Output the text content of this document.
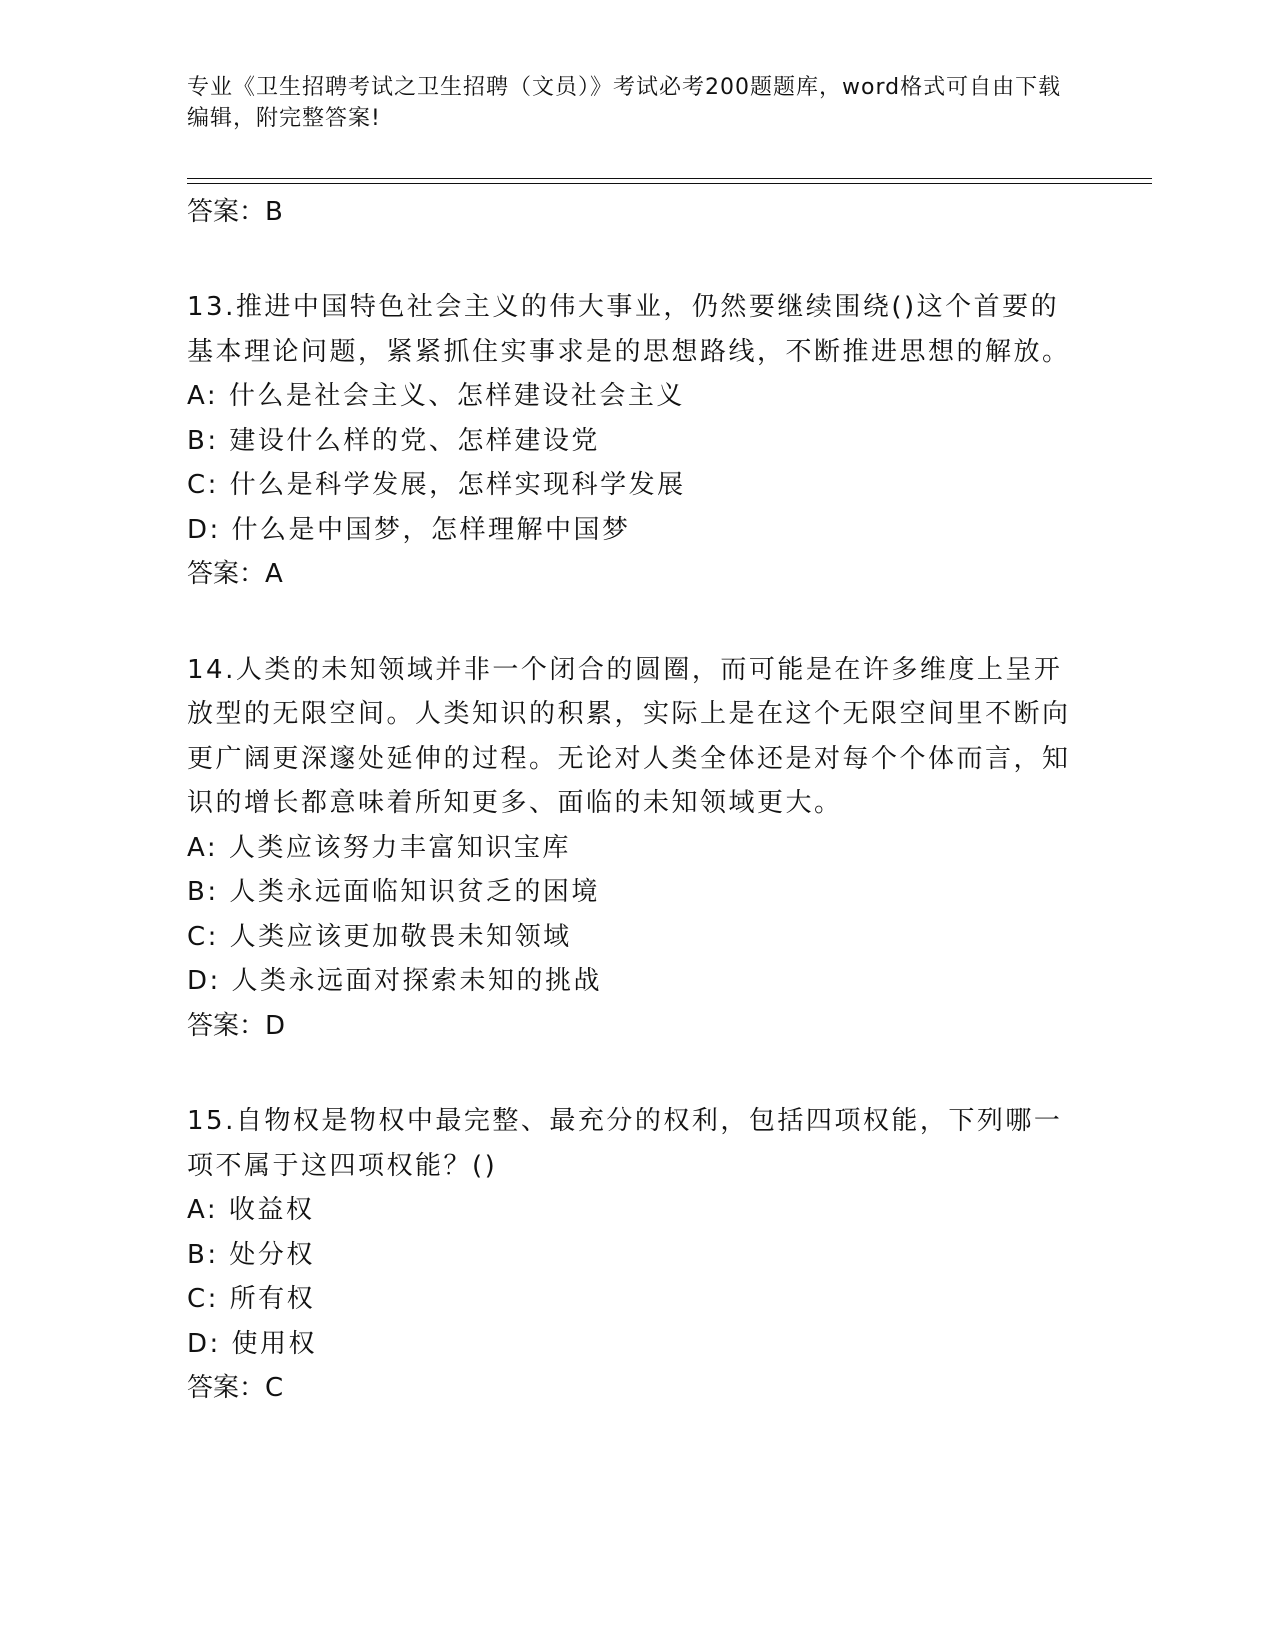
专业《卫生招聘考试之卫生招聘（文员）》考试必考200题题库，word格式可自由下载编辑，附完整答案!

答案：B

13.推进中国特色社会主义的伟大事业，仍然要继续围绕()这个首要的基本理论问题，紧紧抓住实事求是的思想路线，不断推进思想的解放。

A: 什么是社会主义、怎样建设社会主义

B: 建设什么样的党、怎样建设党

C: 什么是科学发展，怎样实现科学发展

D: 什么是中国梦，怎样理解中国梦

答案：A

14.人类的未知领域并非一个闭合的圆圈，而可能是在许多维度上呈开放型的无限空间。人类知识的积累，实际上是在这个无限空间里不断向更广阔更深邃处延伸的过程。无论对人类全体还是对每个个体而言，知识的增长都意味着所知更多、面临的未知领域更大。

A: 人类应该努力丰富知识宝库

B: 人类永远面临知识贫乏的困境

C: 人类应该更加敬畏未知领域

D: 人类永远面对探索未知的挑战

答案：D

15.自物权是物权中最完整、最充分的权利，包括四项权能，下列哪一项不属于这四项权能？()

A: 收益权

B: 处分权

C: 所有权

D: 使用权

答案：C
